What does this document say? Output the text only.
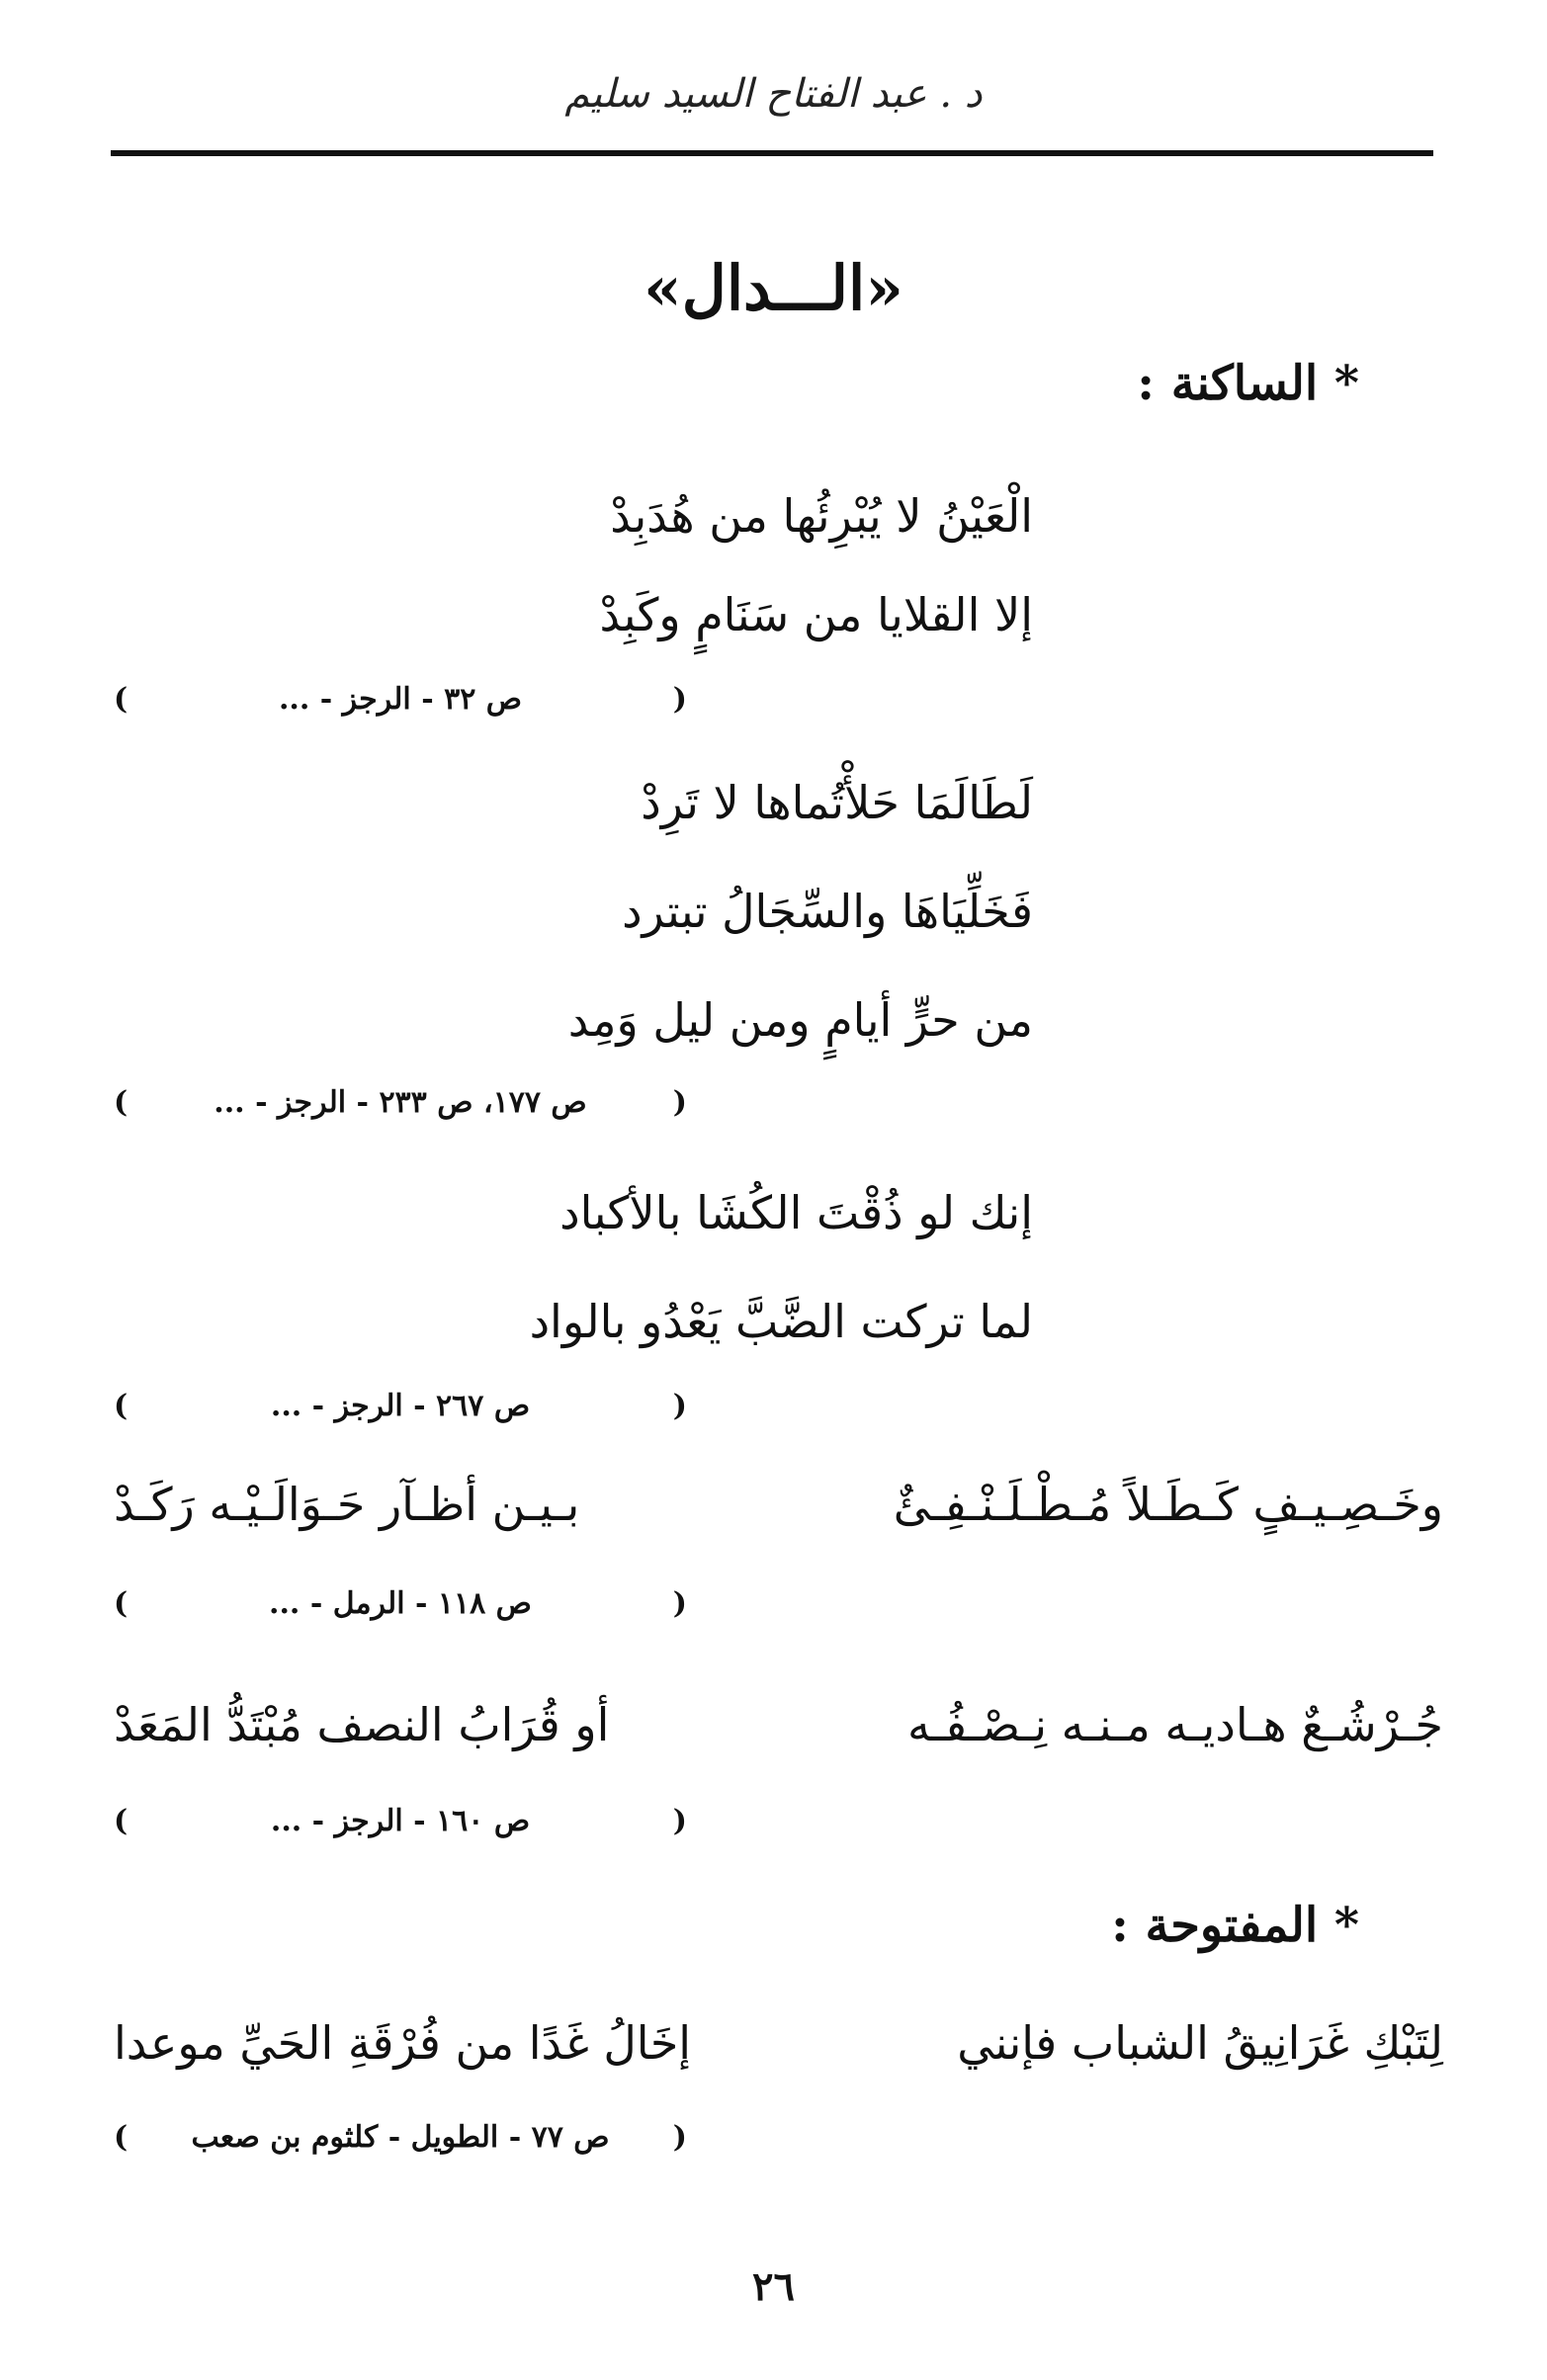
د . عبد الفتاح السيد سليم
«الـــدال»
* الساكنة :
الْعَيْنُ لا يُبْرِئُها من هُدَبِدْ
إلا القلايا من سَنَامٍ وكَبِدْ
(
ص ٣٢ - الرجز - ...
)
لَطَالَمَا حَلأْتُماها لا تَرِدْ
فَخَلِّيَاهَا والسِّجَالُ تبترد
من حرٍّ أيامٍ ومن ليل وَمِد
(
ص ١٧٧، ص ٢٣٣ - الرجز - ...
)
إنك لو ذُقْتَ الكُشَا بالأكباد
لما تركت الضَّبَّ يَعْدُو بالواد
(
ص ٢٦٧ - الرجز - ...
)
وخَـصِـيـفٍ كَـطَـلاً مُـطْـلَـنْـفِـئٌ
بـيـن أظـآر حَـوَالَـيْـه رَكَـدْ
(
ص ١١٨ - الرمل - ...
)
جُـرْشُـعٌ هـاديـه مـنـه نِـصْـفُـه
أو قُرَابُ النصف مُبْتَدُّ المَعَدْ
(
ص ١٦٠ - الرجز - ...
)
* المفتوحة :
لِتَبْكِ غَرَانِيقُ الشباب فإنني
إخَالُ غَدًا من فُرْقَةِ الحَيِّ موعدا
(
ص ٧٧ - الطويل - كلثوم بن صعب
)
٢٦
